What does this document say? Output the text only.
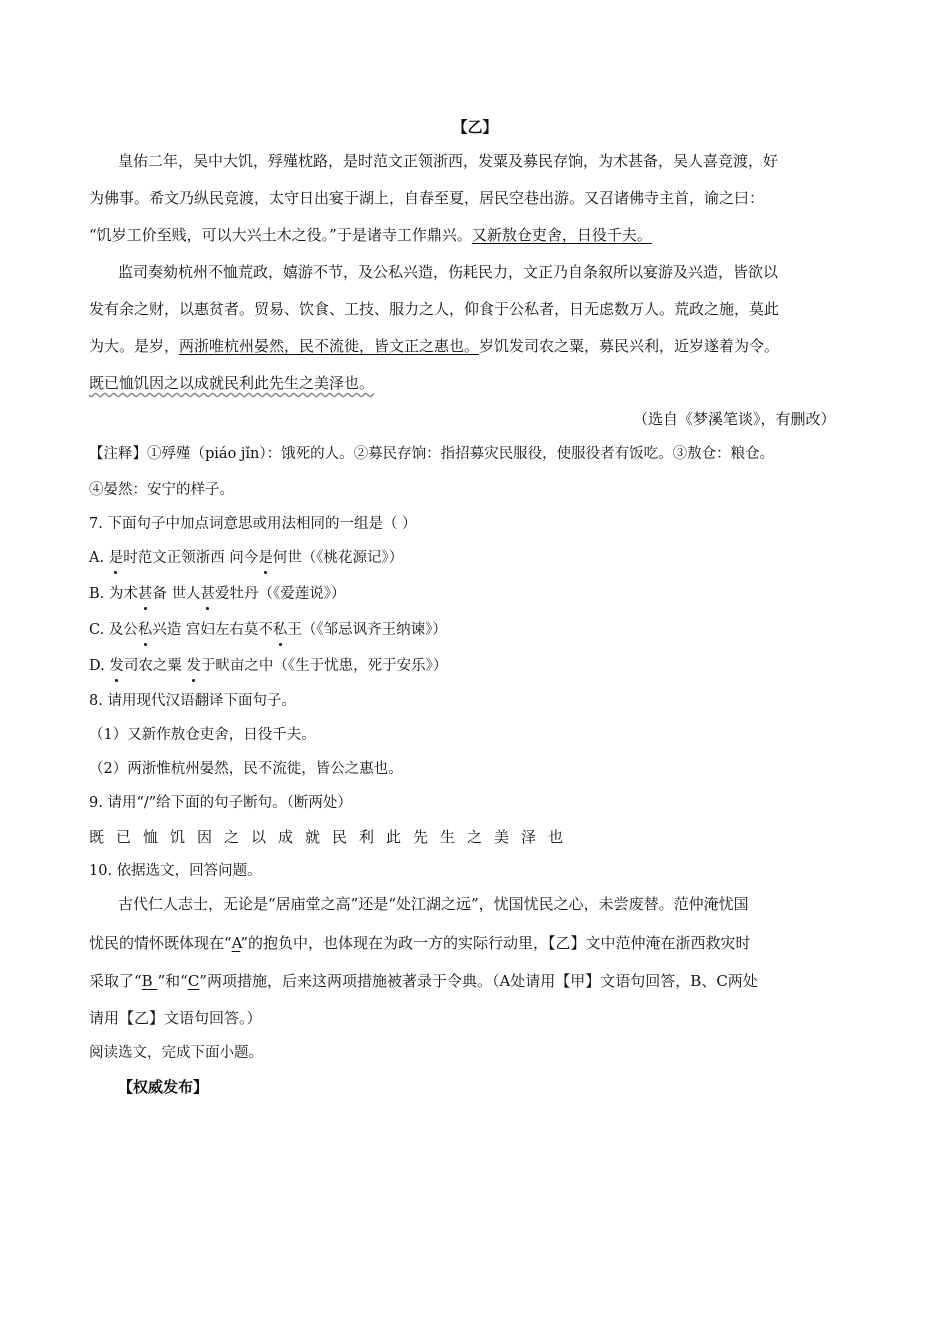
【乙】
皇佑二年，吴中大饥，殍殣枕路，是时范文正领浙西，发粟及募民存饷，为术甚备，吴人喜竞渡，好
为佛事。希文乃纵民竞渡，太守日出宴于湖上，自春至夏，居民空巷出游。又召诸佛寺主首，谕之曰：
“饥岁工价至贱，可以大兴土木之役。”于是诸寺工作鼎兴。又新敖仓吏舍，日役千夫。
监司奏劾杭州不恤荒政，嬉游不节，及公私兴造，伤耗民力，文正乃自条叙所以宴游及兴造，皆欲以
发有余之财，以惠贫者。贸易、饮食、工技、服力之人，仰食于公私者，日无虑数万人。荒政之施，莫此
为大。是岁，两浙唯杭州晏然，民不流徙，皆文正之惠也。岁饥发司农之粟，募民兴利，近岁遂着为令。
既已恤饥因之以成就民利此先生之美泽也。
（选自《梦溪笔谈》，有删改）
【注释】①殍殣（piáo jǐn）：饿死的人。②募民存饷：指招募灾民服役，使服役者有饭吃。③敖仓：粮仓。
④晏然：安宁的样子。
7. 下面句子中加点词意思或用法相同的一组是（ ）
A. 是时范文正领浙西 问今是何世（《桃花源记》）
B. 为术甚备 世人甚爱牡丹（《爱莲说》）
C. 及公私兴造 宫妇左右莫不私王（《邹忌讽齐王纳谏》）
D. 发司农之粟 发于畎亩之中（《生于忧患，死于安乐》）
8. 请用现代汉语翻译下面句子。
（1）又新作敖仓吏舍，日役千夫。
（2）两浙惟杭州晏然，民不流徙，皆公之惠也。
9. 请用“/”给下面的句子断句。（断两处）
既已恤饥因之以成就民利此先生之美泽也
10. 依据选文，回答问题。
古代仁人志士，无论是“居庙堂之高”还是“处江湖之远”，忧国忧民之心，未尝废替。范仲淹忧国
忧民的情怀既体现在“A”的抱负中，也体现在为政一方的实际行动里，【乙】文中范仲淹在浙西救灾时
采取了“B ”和“C”两项措施，后来这两项措施被著录于令典。（A处请用【甲】文语句回答，B、C两处
请用【乙】文语句回答。）
阅读选文，完成下面小题。
【权威发布】
